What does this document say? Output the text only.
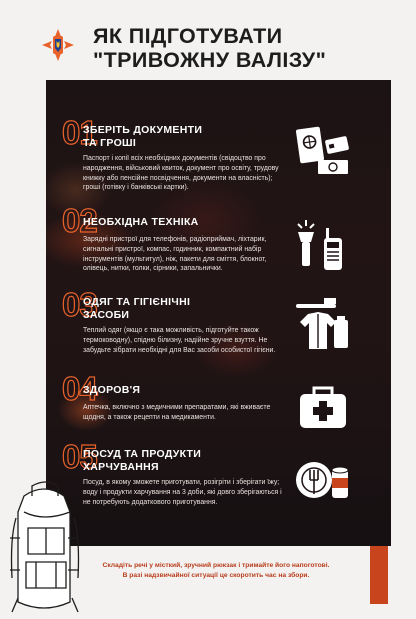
ЯК ПІДГОТУВАТИ
"ТРИВОЖНУ ВАЛІЗУ"
01
ЗБЕРІТЬ ДОКУМЕНТИ
ТА ГРОШІ
Паспорт і копії всіх необхідних документів (свідоцтво про народження, військовий квиток, документ про освіту, трудову книжку або пенсійне посвідчення, документи на власність); гроші (готівку і банківські картки).
02
НЕОБХІДНА ТЕХНІКА
Зарядні пристрої для телефонів, радіоприймач, ліхтарик, сигнальні пристрої, компас, годинник, компактний набір інструментів (мультитул), ніж, пакети для сміття, блокнот, олівець, нитки, голки, сірники, запальнички.
03
ОДЯГ ТА ГІГІЄНІЧНІ
ЗАСОБИ
Теплий одяг (якщо є така можливість, підготуйте також термоководну), спідню білизну, надійне зручне взуття. Не забудьте зібрати необхідні для Вас засоби особистої гігієни.
04
ЗДОРОВ'Я
Аптечка, включно з медичними препаратами, які вживаєте щодня, а також рецепти на медикаменти.
05
ПОСУД ТА ПРОДУКТИ
ХАРЧУВАННЯ
Посуд, в якому зможете приготувати, розігріти і зберігати їжу; воду і продукти харчування на 3 доби, які довго зберігаються і не потребують додаткового приготування.
Складіть речі у місткий, зручний рюкзак і тримайте його напоготові.
В разі надзвичайної ситуації це скоротить час на збори.
